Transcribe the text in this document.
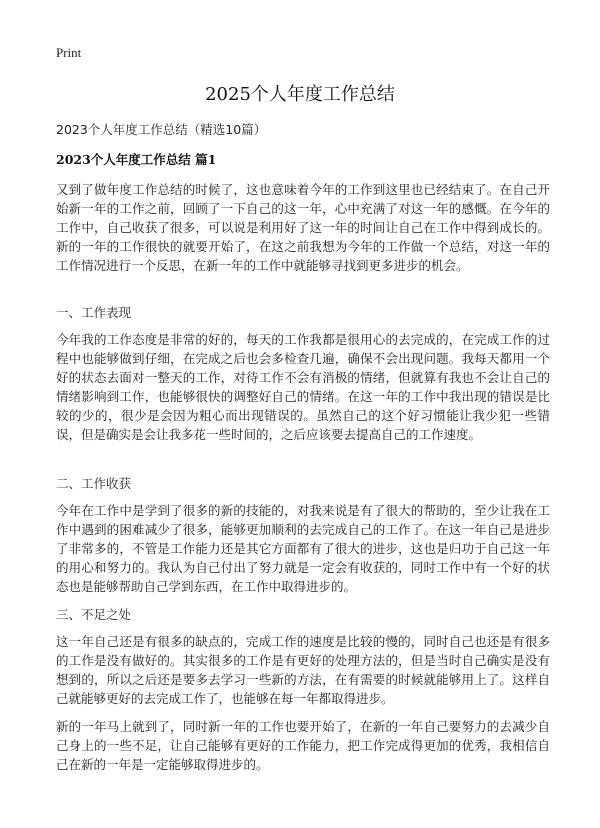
Print
2025个人年度工作总结
2023个人年度工作总结（精选10篇）
2023个人年度工作总结 篇1

又到了做年度工作总结的时候了，这也意味着今年的工作到这里也已经结束了。在自己开始新一年的工作之前，回顾了一下自己的这一年，心中充满了对这一年的感慨。在今年的工作中，自己收获了很多，可以说是利用好了这一年的时间让自己在工作中得到成长的。新的一年的工作很快的就要开始了，在这之前我想为今年的工作做一个总结，对这一年的工作情况进行一个反思，在新一年的工作中就能够寻找到更多进步的机会。

一、工作表现

今年我的工作态度是非常的好的，每天的工作我都是很用心的去完成的，在完成工作的过程中也能够做到仔细，在完成之后也会多检查几遍，确保不会出现问题。我每天都用一个好的状态去面对一整天的工作，对待工作不会有消极的情绪，但就算有我也不会让自己的情绪影响到工作，也能够很快的调整好自己的情绪。在这一年的工作中我出现的错误是比较的少的，很少是会因为粗心而出现错误的。虽然自己的这个好习惯能让我少犯一些错误，但是确实是会让我多花一些时间的，之后应该要去提高自己的工作速度。

二、工作收获

今年在工作中是学到了很多的新的技能的，对我来说是有了很大的帮助的，至少让我在工作中遇到的困难减少了很多，能够更加顺利的去完成自己的工作了。在这一年自己是进步了非常多的，不管是工作能力还是其它方面都有了很大的进步，这也是归功于自己这一年的用心和努力的。我认为自己付出了努力就是一定会有收获的，同时工作中有一个好的状态也是能够帮助自己学到东西，在工作中取得进步的。

三、不足之处

这一年自己还是有很多的缺点的，完成工作的速度是比较的慢的，同时自己也还是有很多的工作是没有做好的。其实很多的工作是有更好的处理方法的，但是当时自己确实是没有想到的，所以之后还是要多去学习一些新的方法，在有需要的时候就能够用上了。这样自己就能够更好的去完成工作了，也能够在每一年都取得进步。

新的一年马上就到了，同时新一年的工作也要开始了，在新的一年自己要努力的去减少自己身上的一些不足，让自己能够有更好的工作能力，把工作完成得更加的优秀，我相信自己在新的一年是一定能够取得进步的。
